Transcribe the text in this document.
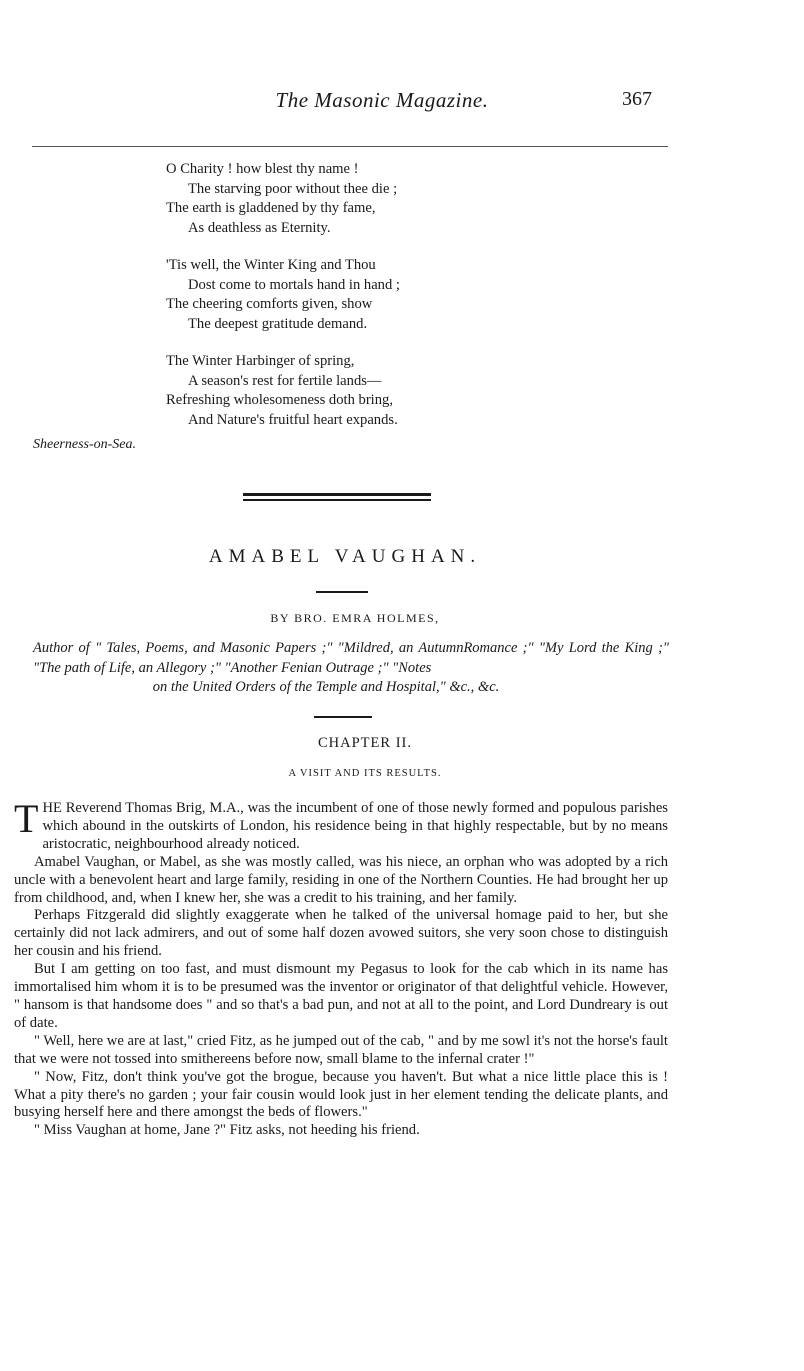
The Masonic Magazine.	367
O Charity ! how blest thy name !
The starving poor without thee die ;
The earth is gladdened by thy fame,
As deathless as Eternity.
'Tis well, the Winter King and Thou
Dost come to mortals hand in hand ;
The cheering comforts given, show
The deepest gratitude demand.
The Winter Harbinger of spring,
A season's rest for fertile lands—
Refreshing wholesomeness doth bring,
And Nature's fruitful heart expands.
Sheerness-on-Sea.
AMABEL VAUGHAN.
BY BRO. EMRA HOLMES,
Author of " Tales, Poems, and Masonic Papers ;" "Mildred, an AutumnRomance ;" "My Lord the King ;" "The path of Life, an Allegory ;" "Another Fenian Outrage ;" "Notes
on the United Orders of the Temple and Hospital," &c., &c.
CHAPTER II.
A VISIT AND ITS RESULTS.

THE Reverend Thomas Brig, M.A., was the incumbent of one of those newly formed and populous parishes which abound in the outskirts of London, his residence being in that highly respectable, but by no means aristocratic, neighbourhood already noticed.

Amabel Vaughan, or Mabel, as she was mostly called, was his niece, an orphan who was adopted by a rich uncle with a benevolent heart and large family, residing in one of the Northern Counties. He had brought her up from childhood, and, when I knew her, she was a credit to his training, and her family.

Perhaps Fitzgerald did slightly exaggerate when he talked of the universal homage paid to her, but she certainly did not lack admirers, and out of some half dozen avowed suitors, she very soon chose to distinguish her cousin and his friend.

But I am getting on too fast, and must dismount my Pegasus to look for the cab which in its name has immortalised him whom it is to be presumed was the inventor or originator of that delightful vehicle. However, " hansom is that handsome does " and so that's a bad pun, and not at all to the point, and Lord Dundreary is out of date.

" Well, here we are at last," cried Fitz, as he jumped out of the cab, " and by me sowl it's not the horse's fault that we were not tossed into smithereens before now, small blame to the infernal crater !"

" Now, Fitz, don't think you've got the brogue, because you haven't. But what a nice little place this is ! What a pity there's no garden ; your fair cousin would look just in her element tending the delicate plants, and busying herself here and there amongst the beds of flowers."

" Miss Vaughan at home, Jane ?" Fitz asks, not heeding his friend.
